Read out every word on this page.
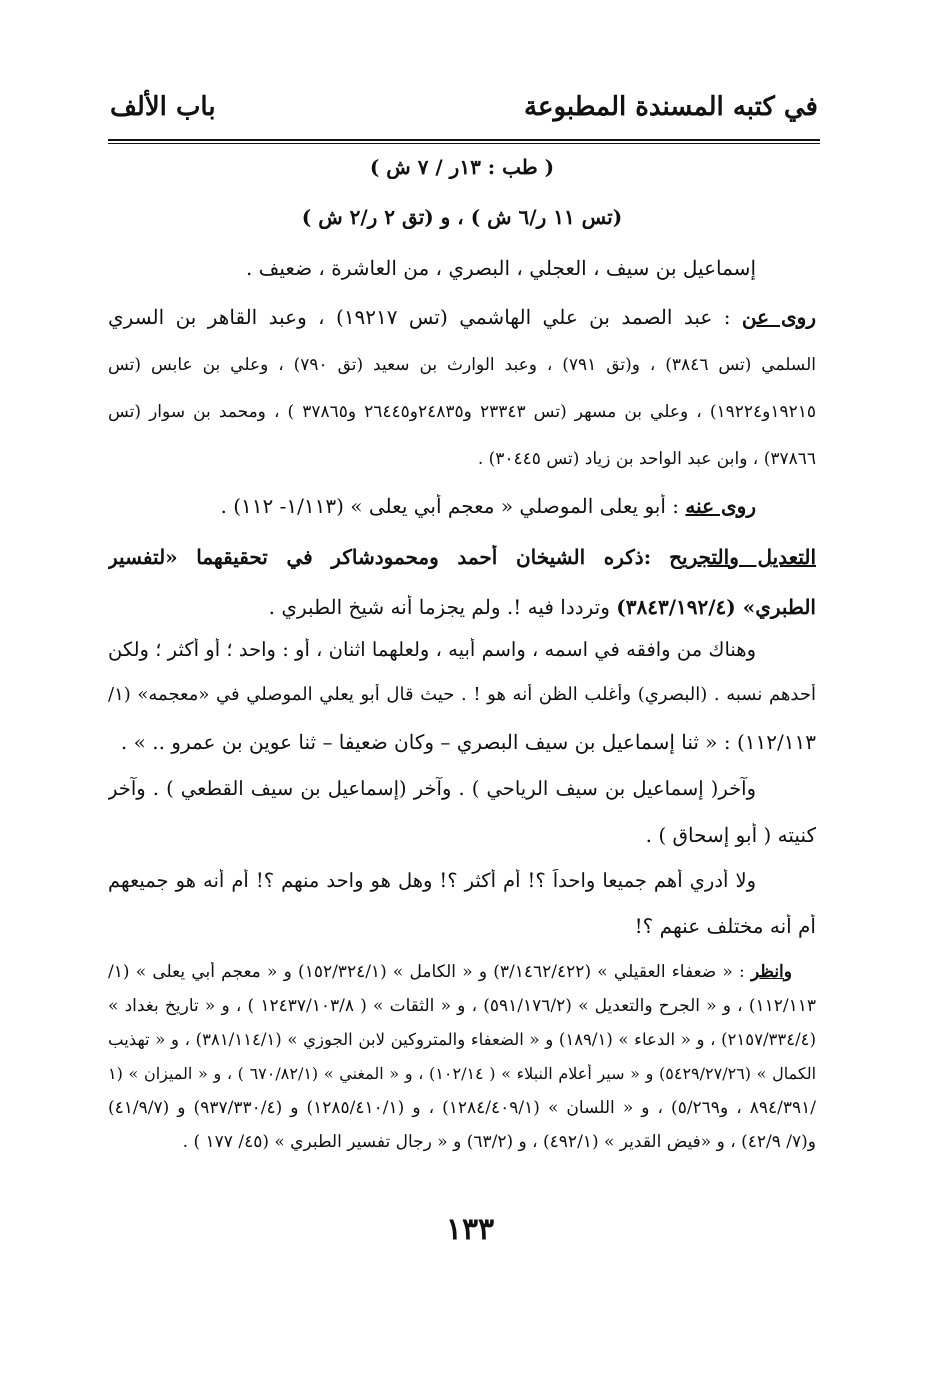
في كتبه المسندة المطبوعة
باب الألف
( طب : ١٣ر / ٧ ش )
(تس ١١ ر/٦ ش ) ، و (تق ٢ ر/٢ ش )
إسماعيل بن سيف ، العجلي ، البصري ، من العاشرة ، ضعيف .
روى عن : عبد الصمد بن علي الهاشمي (تس ١٩٢١٧) ، وعبد القاهر بن السري
السلمي (تس ٣٨٤٦) ، و(تق ٧٩١) ، وعبد الوارث بن سعيد (تق ٧٩٠) ، وعلي بن عابس (تس
١٩٢١٥و١٩٢٢٤) ، وعلي بن مسهر (تس ٢٣٣٤٣ و٢٤٨٣٥و٢٦٤٤٥ و٣٧٨٦٥ ) ، ومحمد بن سوار (تس
٣٧٨٦٦) ، وابن عبد الواحد بن زياد (تس ٣٠٤٤٥) .
روى عنه : أبو يعلى الموصلي « معجم أبي يعلى » (١/١١٣- ١١٢) .
التعديل والتجريح :ذكره الشيخان أحمد ومحمودشاكر في تحقيقهما «لتفسير
الطبري» (٣٨٤٣/١٩٢/٤) وترددا فيه !. ولم يجزما أنه شيخ الطبري .
وهناك من وافقه في اسمه ، واسم أبيه ، ولعلهما اثنان ، أو : واحد ؛ أو أكثر ؛ ولكن
أحدهم نسبه . (البصري) وأغلب الظن أنه هو ! . حيث قال أبو يعلي الموصلي في «معجمه» (١/
١١٢/١١٣) : « ثنا إسماعيل بن سيف البصري – وكان ضعيفا – ثنا عوين بن عمرو .. » .
وآخر( إسماعيل بن سيف الرياحي ) . وآخر (إسماعيل بن سيف القطعي ) . وآخر
كنيته ( أبو إسحاق ) .
ولا أدري أهم جميعا واحداً ؟! أم أكثر ؟! وهل هو واحد منهم ؟! أم أنه هو جميعهم
أم أنه مختلف عنهم ؟!
وانظر : « ضعفاء العقيلي » (٣/١٤٦٢/٤٢٢) و « الكامل » (١٥٢/٣٢٤/١) و « معجم أبي يعلى » (١/
١١٢/١١٣) ، و « الجرح والتعديل » (٥٩١/١٧٦/٢) ، و « الثقات » ( ١٢٤٣٧/١٠٣/٨ ) ، و « تاريخ بغداد »
(٢١٥٧/٣٣٤/٤) ، و « الدعاء » (١٨٩/١) و « الضعفاء والمتروكين لابن الجوزي » (٣٨١/١١٤/١) ، و « تهذيب
الكمال » (٥٤٢٩/٢٧/٢٦) و « سير أعلام النبلاء » ( ١٠٢/١٤) ، و « المغني » (٦٧٠/٨٢/١ ) ، و « الميزان » (١
/٨٩٤/٣٩١ ، و٥/٢٦٩) ، و « اللسان » (١٢٨٤/٤٠٩/١) ، و (١٢٨٥/٤١٠/١) و (٩٣٧/٣٣٠/٤) و (٤١/٩/٧)
و(٧/ ٤٢/٩) ، و «فيض القدير » (٤٩٢/١) ، و (٦٣/٢) و « رجال تفسير الطبري » (٤٥/ ١٧٧ ) .
١٣٣
